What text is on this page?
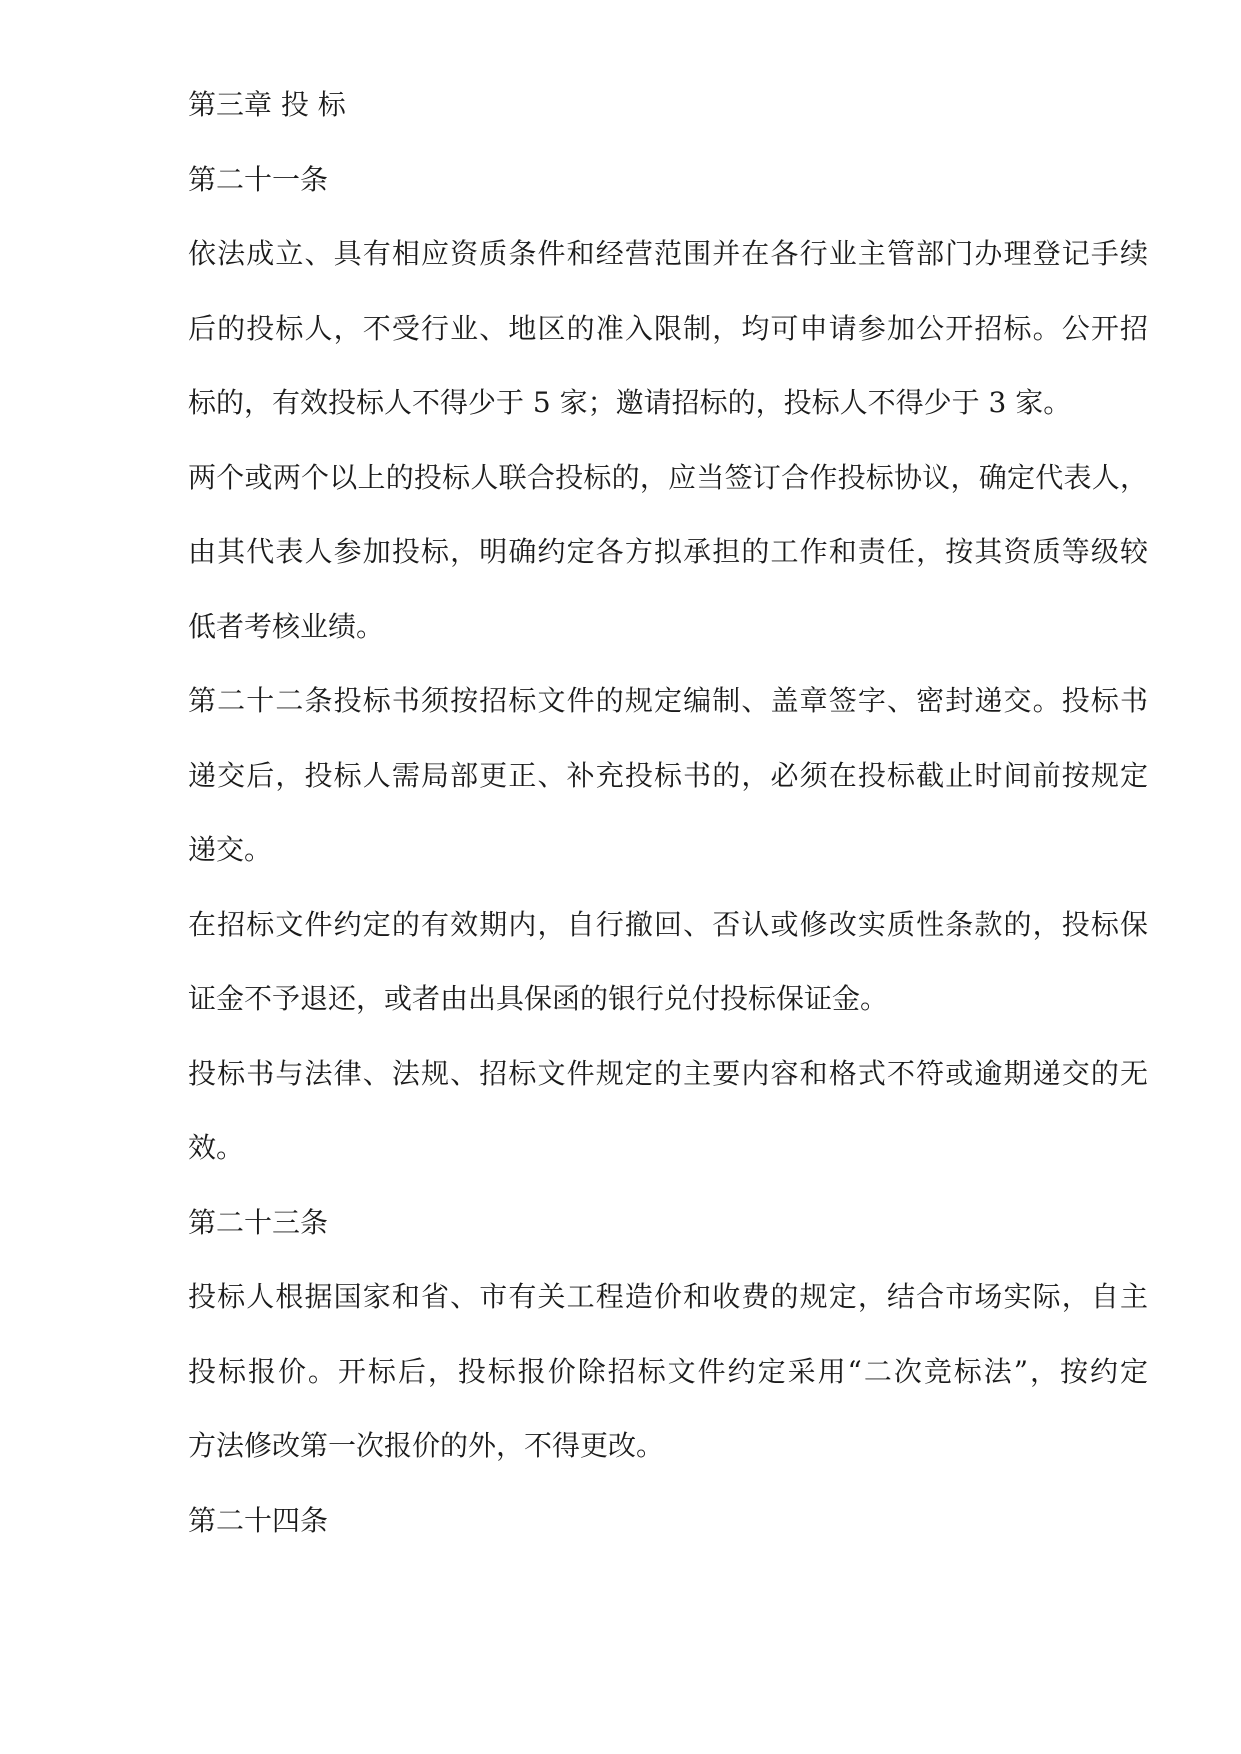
第三章 投 标
第二十一条
依法成立、具有相应资质条件和经营范围并在各行业主管部门办理登记手续
后的投标人，不受行业、地区的准入限制，均可申请参加公开招标。公开招
标的，有效投标人不得少于 5 家；邀请招标的，投标人不得少于 3 家。
两个或两个以上的投标人联合投标的，应当签订合作投标协议，确定代表人，
由其代表人参加投标，明确约定各方拟承担的工作和责任，按其资质等级较
低者考核业绩。
第二十二条投标书须按招标文件的规定编制、盖章签字、密封递交。投标书
递交后，投标人需局部更正、补充投标书的，必须在投标截止时间前按规定
递交。
在招标文件约定的有效期内，自行撤回、否认或修改实质性条款的，投标保
证金不予退还，或者由出具保函的银行兑付投标保证金。
投标书与法律、法规、招标文件规定的主要内容和格式不符或逾期递交的无
效。
第二十三条
投标人根据国家和省、市有关工程造价和收费的规定，结合市场实际，自主
投标报价。开标后，投标报价除招标文件约定采用“二次竞标法”，按约定
方法修改第一次报价的外，不得更改。
第二十四条
